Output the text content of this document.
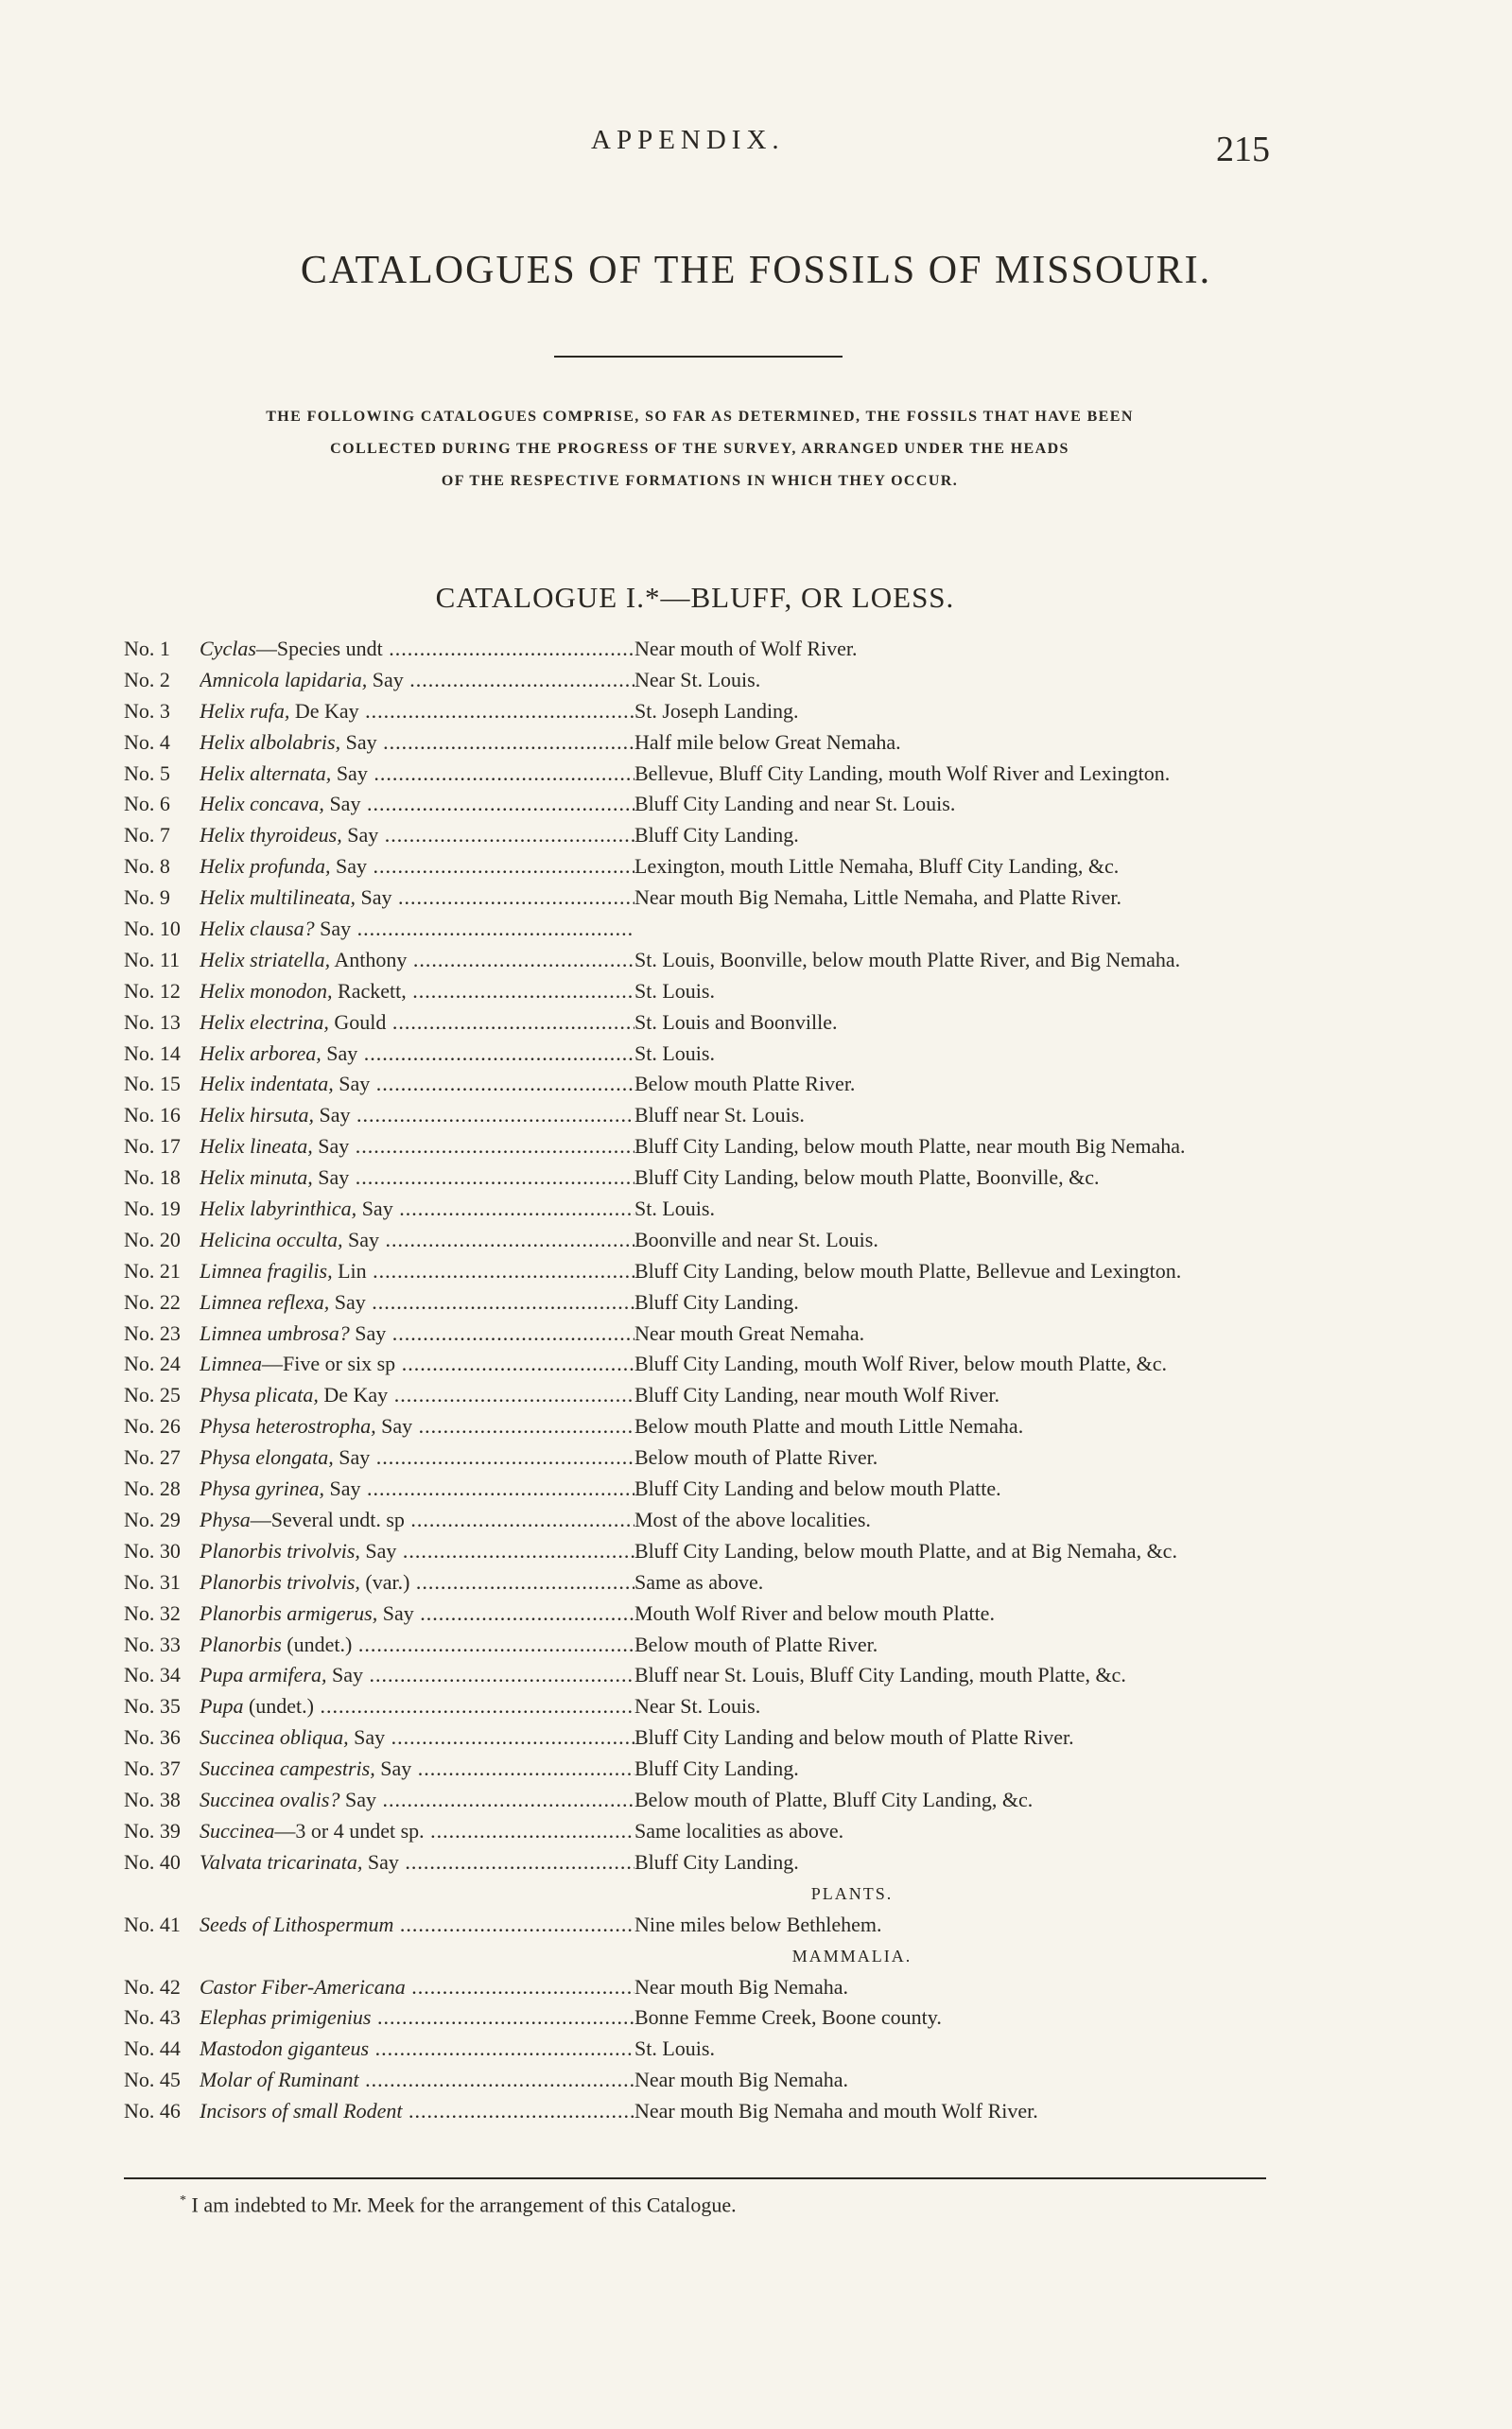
APPENDIX.	215
CATALOGUES OF THE FOSSILS OF MISSOURI.
THE FOLLOWING CATALOGUES COMPRISE, SO FAR AS DETERMINED, THE FOSSILS THAT HAVE BEEN
COLLECTED DURING THE PROGRESS OF THE SURVEY, ARRANGED UNDER THE HEADS
OF THE RESPECTIVE FORMATIONS IN WHICH THEY OCCUR.
CATALOGUE I.*—BLUFF, OR LOESS.
No. 1	Cyclas—Species undt .....	Near mouth of Wolf River.
No. 2	Amnicola lapidaria, Say .....	Near St. Louis.
No. 3	Helix rufa, De Kay .....	St. Joseph Landing.
No. 4	Helix albolabris, Say .....	Half mile below Great Nemaha.
No. 5	Helix alternata, Say .....	Bellevue, Bluff City Landing, mouth Wolf River and Lexington.
No. 6	Helix concava, Say .....	Bluff City Landing and near St. Louis.
No. 7	Helix thyroideus, Say .....	Bluff City Landing.
No. 8	Helix profunda, Say .....	Lexington, mouth Little Nemaha, Bluff City Landing, &c.
No. 9	Helix multilineata, Say .....	Near mouth Big Nemaha, Little Nemaha, and Platte River.
No. 10 Helix clausa? Say .....
No. 11 Helix striatella, Anthony .....	St. Louis, Boonville, below mouth Platte River, and Big Nemaha.
No. 12 Helix monodon, Rackett, .....	St. Louis.
No. 13 Helix electrina, Gould .....	St. Louis and Boonville.
No. 14 Helix arborea, Say .....	St. Louis.
No. 15 Helix indentata, Say .....	Below mouth Platte River.
No. 16 Helix hirsuta, Say .....	Bluff near St. Louis.
No. 17 Helix lineata, Say .....	Bluff City Landing, below mouth Platte, near mouth Big Nemaha.
No. 18 Helix minuta, Say .....	Bluff City Landing, below mouth Platte, Boonville, &c.
No. 19 Helix labyrinthica, Say .....	St. Louis.
No. 20 Helicina occulta, Say .....	Boonville and near St. Louis.
No. 21 Limnea fragilis, Lin .....	Bluff City Landing, below mouth Platte, Bellevue and Lexington.
No. 22 Limnea reflexa, Say .....	Bluff City Landing.
No. 23 Limnea umbrosa? Say .....	Near mouth Great Nemaha.
No. 24 Limnea—Five or six sp .....	Bluff City Landing, mouth Wolf River, below mouth Platte, &c.
No. 25 Physa plicata, De Kay .....	Bluff City Landing, near mouth Wolf River.
No. 26 Physa heterostropha, Say .....	Below mouth Platte and mouth Little Nemaha.
No. 27 Physa elongata, Say .....	Below mouth of Platte River.
No. 28 Physa gyrinea, Say .....	Bluff City Landing and below mouth Platte.
No. 29 Physa—Several undt. sp .....	Most of the above localities.
No. 30 Planorbis trivolvis, Say .....	Bluff City Landing, below mouth Platte, and at Big Nemaha, &c.
No. 31 Planorbis trivolvis, (var.) .....	Same as above.
No. 32 Planorbis armigerus, Say .....	Mouth Wolf River and below mouth Platte.
No. 33 Planorbis (undet.) .....	Below mouth of Platte River.
No. 34 Pupa armifera, Say .....	Bluff near St. Louis, Bluff City Landing, mouth Platte, &c.
No. 35 Pupa (undet.) .....	Near St. Louis.
No. 36 Succinea obliqua, Say .....	Bluff City Landing and below mouth of Platte River.
No. 37 Succinea campestris, Say .....	Bluff City Landing.
No. 38 Succinea ovalis? Say .....	Below mouth of Platte, Bluff City Landing, &c.
No. 39 Succinea—3 or 4 undet sp. .....	Same localities as above.
No. 40 Valvata tricarinata, Say .....	Bluff City Landing.
PLANTS.
No. 41 Seeds of Lithospermum .....	Nine miles below Bethlehem.
MAMMALIA.
No. 42 Castor Fiber-Americana .....	Near mouth Big Nemaha.
No. 43 Elephas primigenius .....	Bonne Femme Creek, Boone county.
No. 44 Mastodon giganteus .....	St. Louis.
No. 45 Molar of Ruminant .....	Near mouth Big Nemaha.
No. 46 Incisors of small Rodent .....	Near mouth Big Nemaha and mouth Wolf River.
* I am indebted to Mr. Meek for the arrangement of this Catalogue.
